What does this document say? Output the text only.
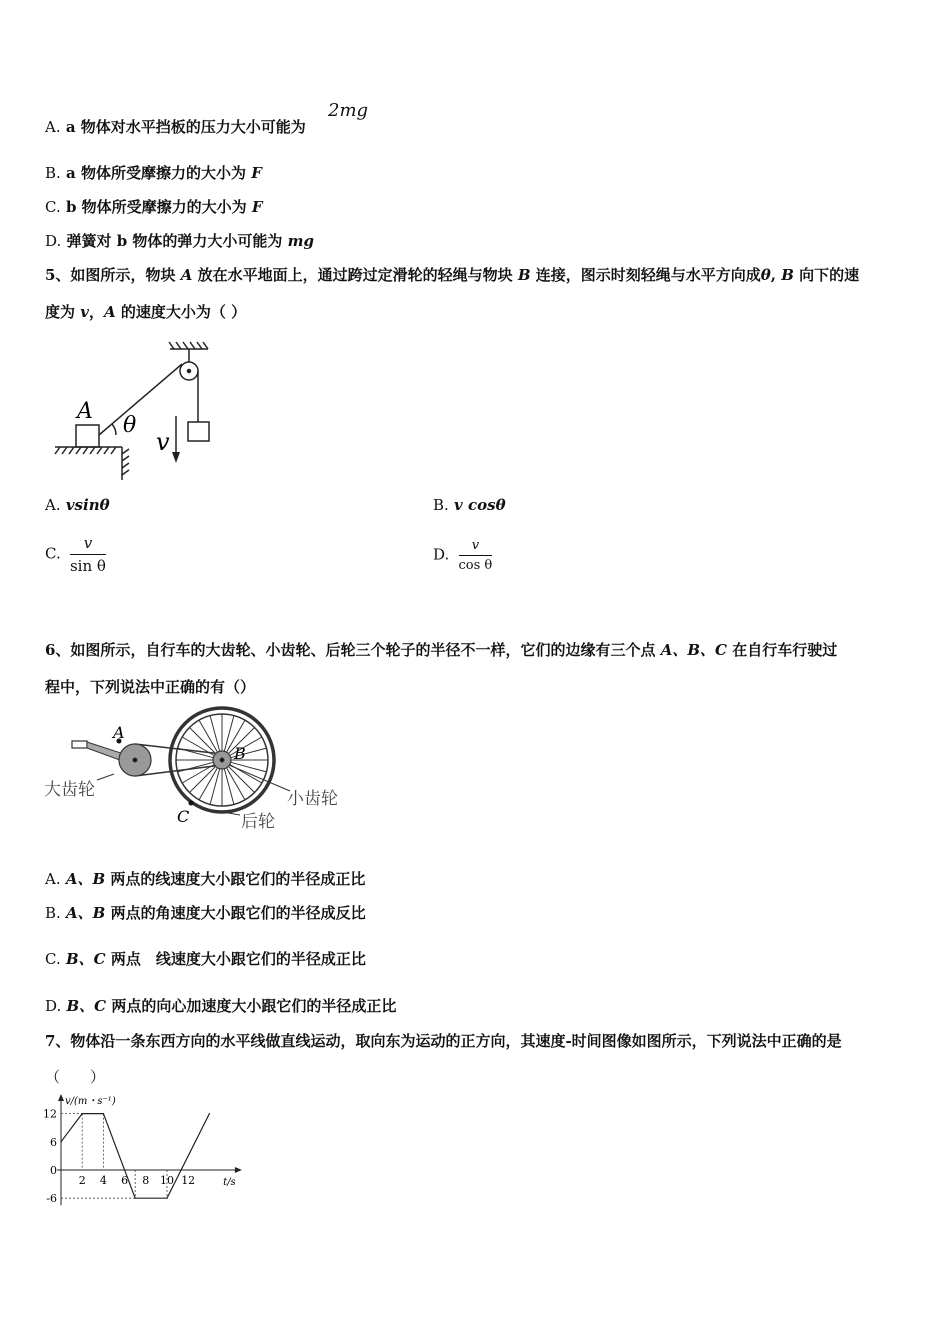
A. a 物体对水平挡板的压力大小可能为
2mg
B. a 物体所受摩擦力的大小为 F
C. b 物体所受摩擦力的大小为 F
D. 弹簧对 b 物体的弹力大小可能为 mg
5、如图所示，物块 A 放在水平地面上，通过跨过定滑轮的轻绳与物块 B 连接，图示时刻轻绳与水平方向成θ, B 向下的速
度为 v，A 的速度大小为（ ）
A
θ
v
A. vsinθ	B. v cosθ
C. $\frac{v}{\text{sin θ}}$	D. $\frac{v}{\text{cos θ}}$
6、如图所示，自行车的大齿轮、小齿轮、后轮三个轮子的半径不一样，它们的边缘有三个点 A、B、C 在自行车行驶过
程中，下列说法中正确的有（）
A
B
C
大齿轮	小齿轮
后轮
A. A、B 两点的线速度大小跟它们的半径成正比
B. A、B 两点的角速度大小跟它们的半径成反比
C. B、C 两点　线速度大小跟它们的半径成正比
D. B、C 两点的向心加速度大小跟它们的半径成正比
7、物体沿一条东西方向的水平线做直线运动，取向东为运动的正方向，其速度-时间图像如图所示，下列说法中正确的是
（　　）
2 4 6 8 10 12
12
6
0
-6
v/(m・s⁻¹)
t/s
